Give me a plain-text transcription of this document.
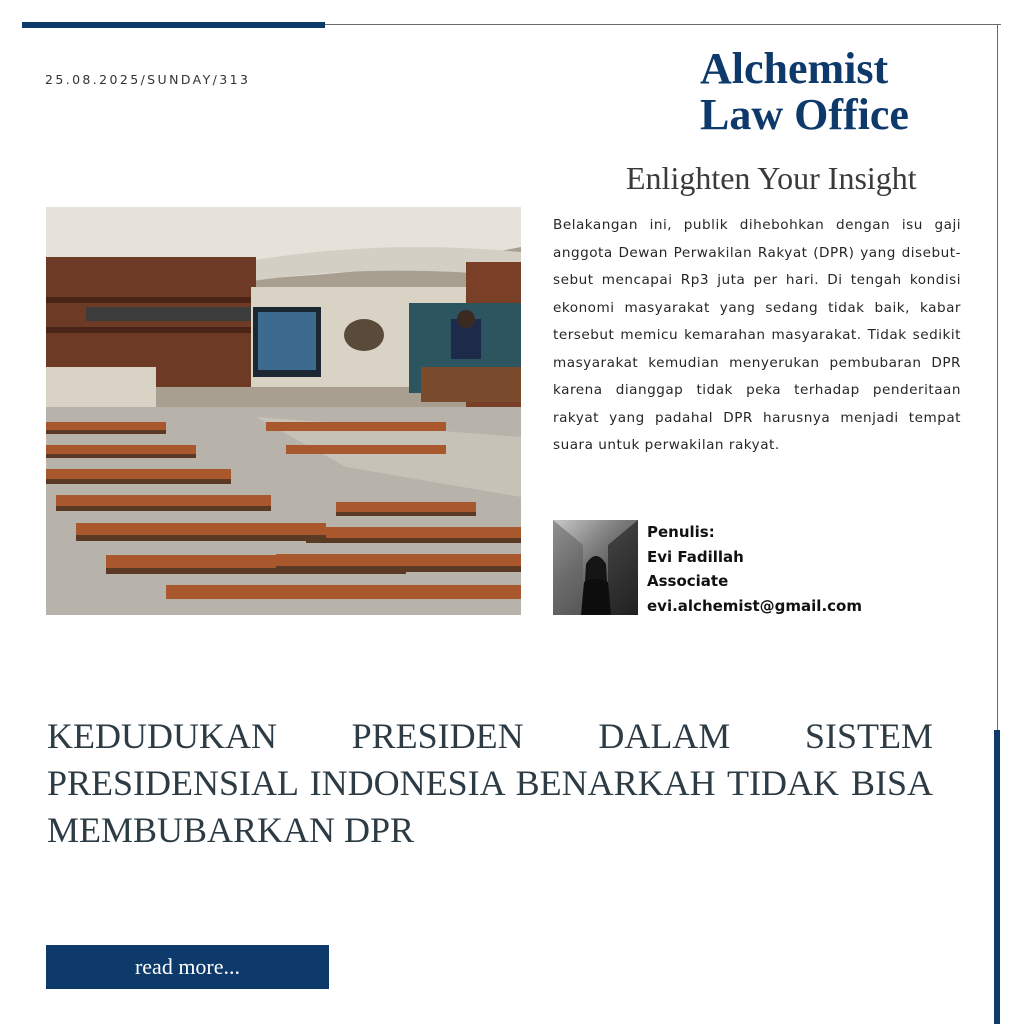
25.08.2025/SUNDAY/313	Alchemist
Law Office
Enlighten Your Insight
Belakangan ini, publik dihebohkan dengan isu gaji anggota Dewan Perwakilan Rakyat (DPR) yang disebut-sebut mencapai Rp3 juta per hari. Di tengah kondisi ekonomi masyarakat yang sedang tidak baik, kabar tersebut memicu kemarahan masyarakat. Tidak sedikit masyarakat kemudian menyerukan pembubaran DPR karena dianggap tidak peka terhadap penderitaan rakyat yang padahal DPR harusnya menjadi tempat suara untuk perwakilan rakyat.
Penulis:
Evi Fadillah
Associate
evi.alchemist@gmail.com
KEDUDUKAN PRESIDEN DALAM SISTEM PRESIDENSIAL INDONESIA BENARKAH TIDAK BISA MEMBUBARKAN DPR
read more...
